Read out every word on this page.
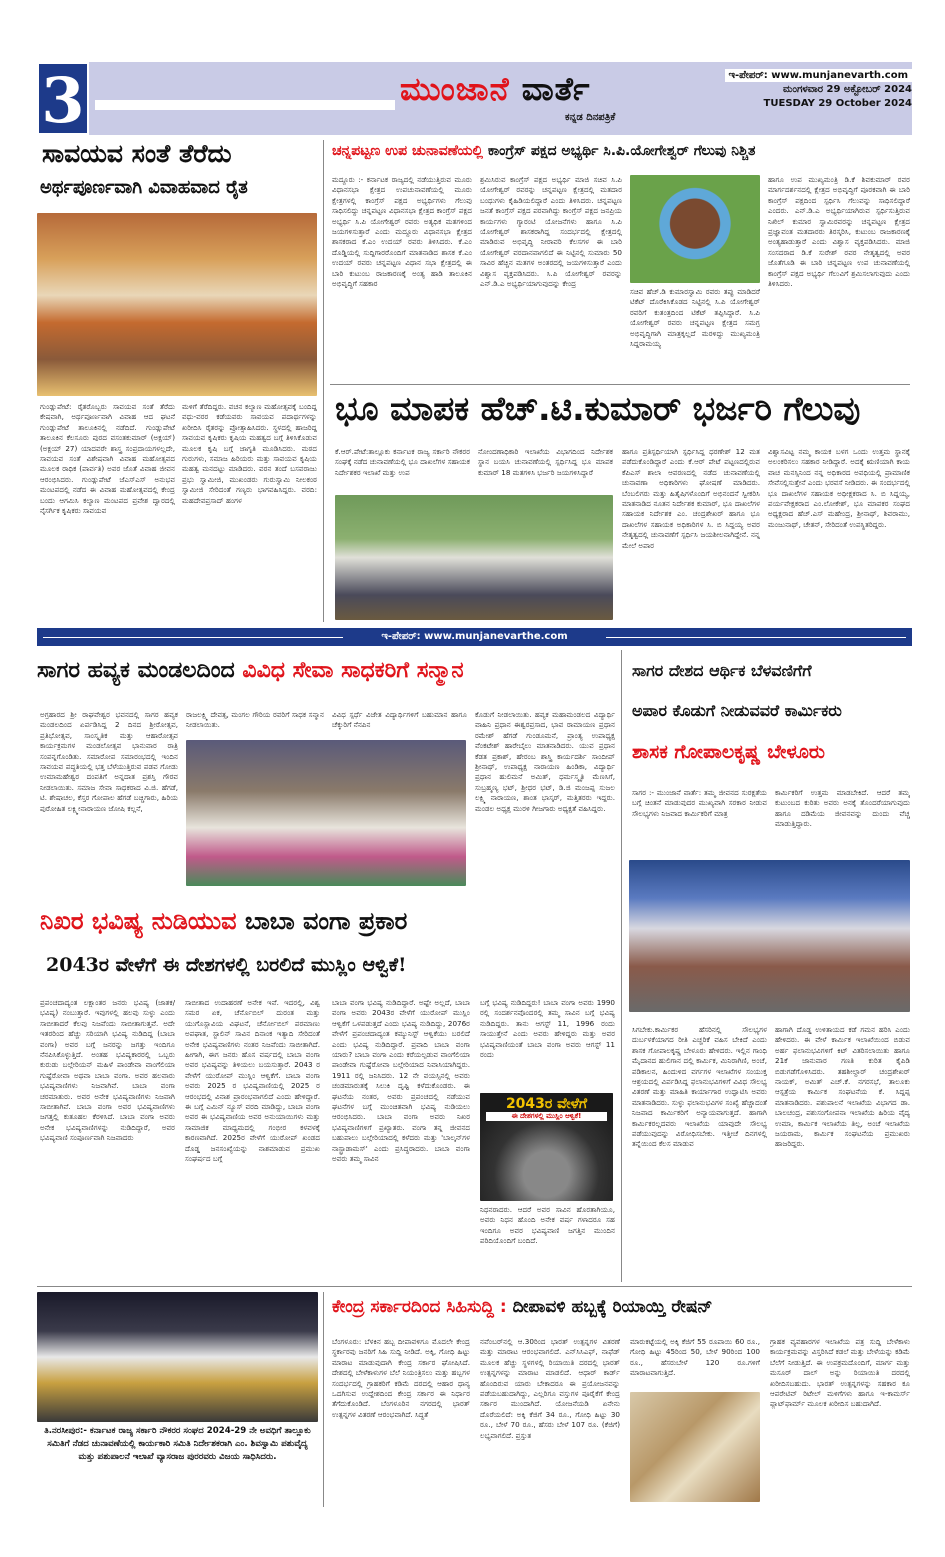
3	ಮುಂಜಾನೆ ವಾರ್ತೆ
ಕನ್ನಡ ದಿನಪತ್ರಿಕೆ
ಇ-ಪೇಪರ್: www.munjanevarth.com
ಮಂಗಳವಾರ 29 ಅಕ್ಟೋಬರ್ 2024
TUESDAY 29 October 2024
ಸಾವಯವ ಸಂತೆ ತೆರೆದು
ಅರ್ಥಪೂರ್ಣವಾಗಿ ವಿವಾಹವಾದ ರೈತ
ಗುಂಡ್ಲುಪೇಟೆ: ರೈತರೊಬ್ಬರು ಸಾವಯವ ಸಂತೆ ತೆರೆದು ಕೇಷವಾಗಿ, ಅರ್ಥಪೂರ್ಣವಾಗಿ ವಿವಾಹ ಆದ ಘಟನೆ ಗುಂಡ್ಲುಪೇಟೆ ತಾಲೂಕಿನಲ್ಲಿ ನಡೆದಿದೆ. ಗುಂಡ್ಲುಪೇಟೆ ತಾಲೂಕಿನ ಕೆಲಸೂರು ಪುರದ ವಸಂತಕುಮಾರ್ (ಅಕ್ಷಯ್) (ಅಕ್ಷಯ್ 27) ಯಾದವರೇ ಶಾಸ್ತ್ರ ಸಂಪ್ರದಾಯಗಳಲ್ಲದೇ, ಸಾವಯವ ಸಂತೆ ವಿಶೇಷವಾಗಿ ವಿವಾಹ ಮಹೋತ್ಸವದ ಮೂಲಕ ರಾಧಿಕ (ಪಾರ್ವತಿ) ಅವರ ಜೊತೆ ವಿವಾಹ ಜೀವನ ಆರಂಭಿಸಿದರು. ಗುಂಡ್ಲುಪೇಟೆ ಜೆಎಸ್‌ಎಸ್ ಅನುಭವ ಮಂಟಪದಲ್ಲಿ ನಡೆದ ಈ ವಿವಾಹ ಮಹೋತ್ಸವದಲ್ಲಿ ಕೇಂದ್ರ ಬಂದು ಆಗಮಿಸಿ ಕಲ್ಯಾಣ ಮಂಟಪದ ಪ್ರವೇಶ ದ್ವಾರದಲ್ಲಿ ನೈಸರ್ಗಿಕ ಕೃಷಿಕರು ಸಾವಯವ
ಮಳಿಗೆ ತೆರೆದಿದ್ದರು. ವಚನ ಕಲ್ಯಾಣ ಮಹೋತ್ಸವಕ್ಕೆ ಬಂದಿದ್ದ ವಧು-ವರರ ಕಡೆಯವರು ಸಾವಯವ ಪದಾರ್ಥಗಳನ್ನು ಖರೀದಿಸಿ ರೈತರನ್ನು ಪ್ರೋತ್ಸಾಹಿಸಿದರು. ಸ್ಥಳದಲ್ಲಿ ಹಾಜರಿದ್ದ ಸಾವಯವ ಕೃಷಿಕರು ಕೃಷಿಯ ಮಹತ್ವದ ಬಗ್ಗೆ ತಿಳಿಸಿಕೊಡುವ ಮೂಲಕ ಕೃಷಿ ಬಗ್ಗೆ ಜಾಗೃತಿ ಮೂಡಿಸಿದರು. ಮಠದ ಗುರುಗಳು, ಸಮಾಜ ಹಿರಿಯರು ಮತ್ತು ಸಾವಯವ ಕೃಷಿಯ ಮಹತ್ವ ಮನದಟ್ಟು ಮಾಡಿದರು. ವರನ ತಂದೆ ಬಸವರಾಜು ಪ್ರಭು ಸ್ವಾಮೀಜಿ, ಮುಖಂಡರು ಗುರುಸ್ವಾಮಿ ನೀಲಕಂಠ ಸ್ವಾಮೀಜಿ ಸೇರಿದಂತೆ ಗಣ್ಯರು ಭಾಗವಹಿಸಿದ್ದರು. ವರದಿ: ಮಹದೇವಪ್ರಸಾದ್ ಹಂಗಳ
ಚನ್ನಪಟ್ಟಣ ಉಪ ಚುನಾವಣೆಯಲ್ಲಿ ಕಾಂಗ್ರೆಸ್ ಪಕ್ಷದ ಅಭ್ಯರ್ಥಿ ಸಿ.ಪಿ.ಯೋಗೇಶ್ವರ್ ಗೆಲುವು ನಿಶ್ಚಿತ
ಮದ್ದೂರು :- ಕರ್ನಾಟಕ ರಾಜ್ಯದಲ್ಲಿ ನಡೆಯುತ್ತಿರುವ ಮೂರು ವಿಧಾನಸಭಾ ಕ್ಷೇತ್ರದ ಉಪಚುನಾವಣೆಯಲ್ಲಿ ಮೂರು ಕ್ಷೇತ್ರಗಳಲ್ಲಿ ಕಾಂಗ್ರೆಸ್ ಪಕ್ಷದ ಅಭ್ಯರ್ಥಿಗಳು ಗೆಲುವು ಸಾಧಿಸಲಿದ್ದು ಚನ್ನಪಟ್ಟಣ ವಿಧಾನಸಭಾ ಕ್ಷೇತ್ರದ ಕಾಂಗ್ರೆಸ್ ಪಕ್ಷದ ಅಭ್ಯರ್ಥಿ ಸಿ.ಪಿ ಯೋಗೇಶ್ವರ್ ರವರು ಅತ್ಯಧಿಕ ಮತಗಳಿಂದ ಜಯಗಳಿಸುತ್ತಾರೆ ಎಂದು ಮದ್ದೂರು ವಿಧಾನಸಭಾ ಕ್ಷೇತ್ರದ ಶಾಸಕರಾದ ಕೆ.ಎಂ ಉದಯ್ ರವರು ತಿಳಿಸಿದರು. ಕೆ.ಎಂ ದೊಡ್ಡಿಯಲ್ಲಿ ಸುದ್ದಿಗಾರರೊಂದಿಗೆ ಮಾತನಾಡಿದ ಶಾಸಕ ಕೆ.ಎಂ ಉದಯ್ ರವರು ಚನ್ನಪಟ್ಟಣ ವಿಧಾನ ಸಭಾ ಕ್ಷೇತ್ರದಲ್ಲಿ ಈ ಬಾರಿ ಕುಟುಂಬ ರಾಜಕಾರಣಕ್ಕೆ ಅಂತ್ಯ ಹಾಡಿ ತಾಲೂಕಿನ ಅಭಿವೃದ್ಧಿಗೆ ಸಹಕಾರ
ಶ್ರಮಿಸಿರುವ ಕಾಂಗ್ರೆಸ್ ಪಕ್ಷದ ಅಭ್ಯರ್ಥಿ ಮಾಜಿ ಸಚಿವ ಸಿ.ಪಿ ಯೋಗೇಶ್ವರ್ ರವರನ್ನು ಚನ್ನಪಟ್ಟಣ ಕ್ಷೇತ್ರದಲ್ಲಿ ಮತದಾರ ಬಂಧುಗಳು ಕೈಹಿಡಿಯಲಿದ್ದಾರೆ ಎಂದು ತಿಳಿಸಿದರು. ಚನ್ನಪಟ್ಟಣ ಜನತೆ ಕಾಂಗ್ರೆಸ್ ಪಕ್ಷದ ಪರವಾಗಿದ್ದು ಕಾಂಗ್ರೆಸ್ ಪಕ್ಷದ ಜನಪ್ರಿಯ ಕಾರ್ಯಗಳು ಗ್ಯಾರಂಟಿ ಯೋಜನೆಗಳು ಹಾಗೂ ಸಿ.ಪಿ ಯೋಗೇಶ್ವರ್ ಶಾಸಕರಾಗಿದ್ದ ಸಂದರ್ಭದಲ್ಲಿ ಕ್ಷೇತ್ರದಲ್ಲಿ ಮಾಡಿರುವ ಅಭಿವೃದ್ಧಿ ನೀರಾವರಿ ಕೆಲಸಗಳ ಈ ಬಾರಿ ಯೋಗೇಶ್ವರ್ ವರದಾನವಾಗಲಿದೆ ಈ ನಿಟ್ಟಿನಲ್ಲಿ ಸುಮಾರು 50 ಸಾವಿರ ಹೆಚ್ಚಿನ ಮತಗಳ ಅಂತರದಲ್ಲಿ ಜಯಗಳಿಸುತ್ತಾರೆ ಎಂದು ವಿಶ್ವಾಸ ವ್ಯಕ್ತಪಡಿಸಿದರು. ಸಿ.ಪಿ ಯೋಗೇಶ್ವರ್ ರವರನ್ನು ಎನ್.ಡಿ.ಎ ಅಭ್ಯರ್ಥಿಯಾಗುವುದನ್ನು ಕೇಂದ್ರ
ಸಚಿವ ಹೆಚ್.ಡಿ ಕುಮಾರಸ್ವಾಮಿ ರವರು ತಪ್ಪು ಮಾಡಿದರೆ ಟಿಕೆಟ್ ದೊರೆಕಿಸಿಕೊಡದ ನಿಟ್ಟಿನಲ್ಲಿ ಸಿ.ಪಿ ಯೋಗೇಶ್ವರ್ ರವರಿಗೆ ಕುತಂತ್ರದಿಂದ ಟಿಕೆಟ್ ತಪ್ಪಿಸಿದ್ದಾರೆ. ಸಿ.ಪಿ ಯೋಗೇಶ್ವರ್ ರವರು ಚನ್ನಪಟ್ಟಣ ಕ್ಷೇತ್ರದ ಸಮಗ್ರ ಅಭಿವೃದ್ಧಿಗಾಗಿ ಮಾತ್ರಕ್ಕಲ್ಲದೆ ಮರಳಿದ್ದು ಮುಖ್ಯಮಂತ್ರಿ ಸಿದ್ದರಾಮಯ್ಯ
ಹಾಗೂ ಉಪ ಮುಖ್ಯಮಂತ್ರಿ ಡಿ.ಕೆ ಶಿವಕುಮಾರ್ ರವರ ಮಾರ್ಗದರ್ಶನದಲ್ಲಿ ಕ್ಷೇತ್ರದ ಅಭಿವೃದ್ಧಿಗೆ ಪೂರಕವಾಗಿ ಈ ಬಾರಿ ಕಾಂಗ್ರೆಸ್ ಪಕ್ಷದಿಂದ ಸ್ಪರ್ಧಿಸಿ ಗೆಲುವನ್ನು ಸಾಧಿಸಲಿದ್ದಾರೆ ಎಂದರು. ಎನ್.ಡಿ.ಎ ಅಭ್ಯರ್ಥಿಯಾಗಿರುವ ಸ್ಪರ್ಧಿಸುತ್ತಿರುವ ನಿಖಿಲ್ ಕುಮಾರ ಸ್ವಾಮಿರವರನ್ನು ಚನ್ನಪಟ್ಟಣ ಕ್ಷೇತ್ರದ ಪ್ರಜ್ಞಾವಂತ ಮತದಾರರು ತಿರಸ್ಕರಿಸಿ, ಕುಟುಂಬ ರಾಜಕಾರಣಕ್ಕೆ ಅಂತ್ಯಹಾಡುತ್ತಾರೆ ಎಂದು ವಿಶ್ವಾಸ ವ್ಯಕ್ತಪಡಿಸಿದರು. ಮಾಜಿ ಸಂಸದರಾದ ಡಿ.ಕೆ ಸುರೇಶ್ ರವರ ನೇತೃತ್ವದಲ್ಲಿ ಅವರ ಜೊತೆಗೂಡಿ ಈ ಬಾರಿ ಚನ್ನಪಟ್ಟಣ ಉಪ ಚುನಾವಣೆಯಲ್ಲಿ ಕಾಂಗ್ರೆಸ್ ಪಕ್ಷದ ಅಭ್ಯರ್ಥಿ ಗೆಲುವಿಗೆ ಶ್ರಮಿಸಲಾಗುವುದು ಎಂದು ತಿಳಿಸಿದರು.
ಭೂ ಮಾಪಕ ಹೆಚ್.ಟಿ.ಕುಮಾರ್ ಭರ್ಜರಿ ಗೆಲುವು
ಕೆ.ಆರ್.ಪೇಟೆ:ತಾಲ್ಲೂಕು ಕರ್ನಾಟಕ ರಾಜ್ಯ ಸರ್ಕಾರಿ ನೌಕರರ ಸಂಘಕ್ಕೆ ನಡೆದ ಚುನಾವಣೆಯಲ್ಲಿ ಭೂ ದಾಖಲೆಗಳ ಸಹಾಯಕ ನಿರ್ದೇಶಕರ ಇಲಾಖೆ ಮತ್ತು ಉಪ
ನೋಂದಣಾಧಿಕಾರಿ ಇಲಾಖೆಯ ವಿಭಾಗದಿಂದ ನಿರ್ದೇಶಕ ಸ್ಥಾನ ಬಯಸಿ ಚುನಾವಣೆಯಲ್ಲಿ ಸ್ಪರ್ಧಿಸಿದ್ದ ಭೂ ಮಾಪಕ ಕುಮಾರ್ 18 ಮತಗಳಿಸಿ ಭರ್ಜರಿ ಜಯಗಳಿಸಿದ್ದಾರೆ
ಹಾಗೂ ಪ್ರತಿಸ್ಪರ್ಧಿಯಾಗಿ ಸ್ಪರ್ಧಿಸಿದ್ದ ಧರಣೇಶ್ 12 ಮತ ಪಡೆದುಕೊಂಡಿದ್ದಾರೆ ಎಂದು ಕೆ.ಆರ್ ಪೇಟೆ ಪಟ್ಟಣದಲ್ಲಿರುವ ಕೆಪಿಎಸ್ ಶಾಲಾ ಆವರಣದಲ್ಲಿ ನಡೆದ ಚುನಾವಣೆಯಲ್ಲಿ ಚುನಾವಣಾ ಅಧಿಕಾರಿಗಳು ಘೋಷಣೆ ಮಾಡಿದರು. ಬೆಂಬಲಿಗರು ಮತ್ತು ಹಿತೈಷಿಗಳೊಂದಿಗೆ ಅಭಿನಂದನೆ ಸ್ವೀಕರಿಸಿ ಮಾತನಾಡಿದ ನೂತನ ನಿರ್ದೇಶಕ ಕುಮಾರ್, ಭೂ ದಾಖಲೆಗಳ ಸಹಾಯಕ ನಿರ್ದೇಶಕ ಎಂ. ಚಂದ್ರಶೇಖರ್ ಹಾಗೂ ಭೂ ದಾಖಲೆಗಳ ಸಹಾಯಕ ಅಧಿಕಾರಿಗಳ ಸಿ. ಬಿ ಸಿದ್ದಯ್ಯ ಅವರ ನೇತೃತ್ವದಲ್ಲಿ ಚುನಾವಣೆಗೆ ಸ್ಪರ್ಧಿಸಿ ಜಯಶೀಲನಾಗಿದ್ದೇನೆ. ನನ್ನ ಮೇಲೆ ಅಪಾರ
ವಿಶ್ವಾಸವಿಟ್ಟ ನಮ್ಮ ಕಾಯಕ ಬಳಗ ಒಂದು ಉತ್ತಮ ಸ್ಥಾನಕ್ಕೆ ಅಲಂಕರಿಸಲು ಸಹಕಾರ ನೀಡಿದ್ದಾರೆ. ಅದಕ್ಕೆ ಋಣಿಯಾಗಿ ಕಾಯ ವಾಚ ಮನಸ್ಸಿನಿಂದ ನನ್ನ ಅಧಿಕಾರದ ಅವಧಿಯಲ್ಲಿ ಪ್ರಾಮಾಣಿಕ ಸೇವೆಸಲ್ಲಿಸುತ್ತೇನೆ ಎಂದು ಭರವಸೆ ನೀಡಿದರು. ಈ ಸಂದರ್ಭದಲ್ಲಿ ಭೂ ದಾಖಲೆಗಳ ಸಹಾಯಕ ಅಧೀಕ್ಷಕರಾದ ಸಿ. ಬಿ ಸಿದ್ದಯ್ಯ, ಪರ್ಯವೇಕ್ಷಕರಾದ ಎಂ.ಲೋಕೇಶ್, ಭೂ ಮಾಪಕರ ಸಂಘದ ಅಧ್ಯಕ್ಷರಾದ ಹೆಚ್.ಎಸ್ ಮಹೇಂದ್ರ, ಶ್ರೀನಾಥ್, ಶಿವರಾಮು, ಮಂಜುನಾಥ್, ಚೇತನ್, ಸೇರಿದಂತೆ ಉಪಸ್ಥಿತರಿದ್ದರು.
ಇ-ಪೇಪರ್: www.munjanevarthe.com
ಸಾಗರ ಹವ್ಯಕ ಮಂಡಲದಿಂದ ವಿವಿಧ ಸೇವಾ ಸಾಧಕರಿಗೆ ಸನ್ಮಾನ
ಅಗ್ರಹಾರದ ಶ್ರೀ ರಾಘವೇಶ್ವರ ಭವನದಲ್ಲಿ ಸಾಗರ ಹವ್ಯಕ ಮಂಡಲದಿಂದ ಏರ್ಪಡಿಸಿದ್ದ 2 ದಿನದ ಶ್ರೀರೋತ್ಸವ, ಪ್ರತಿಭೋತ್ಸವ, ಸಾಂಸ್ಕೃತಿಕ ಮತ್ತು ಆಹಾರೋತ್ಸವ ಕಾರ್ಯಕ್ರಮಗಳ ಮಂಡಲೋತ್ಸವ ಭಾನುವಾರ ರಾತ್ರಿ ಸಂಪನ್ನಗೊಂಡಿತು. ಸಮಾರೋಪ ಸಮಾರಂಭದಲ್ಲಿ ಇಂದಿನ ಸಾವಯವ ಪದ್ಧತಿಯಲ್ಲಿ ಭತ್ತ ಬೆಳೆಯುತ್ತಿರುವ ಪಡವ ಗೋಡು ಉಮಾಮಹೇಶ್ವರ ದಂಪತಿಗೆ ಅನ್ನದಾತ ಪ್ರಶಸ್ತಿ ಗೌರವ ನೀಡಲಾಯಿತು. ಸಮಾಜ ಸೇವಾ ಸಾಧಕರಾದ ವಿ.ಜಿ. ಹೆಗಡೆ, ಟಿ. ಶೇಷಾಚಲ, ಕೆಸ್ತರ ಗೋಪಾಲ ಹೆಗಡೆ ಬಚ್ಚಿಗಾರು, ಹಿರಿಯ ಪುರೋಹಿತ ಲಕ್ಷ್ಮೀನಾರಾಯಣ ಜೋಷಿ ಕಲ್ಲನೆ,
ರಾಜಲಕ್ಷ್ಮಿ ದೇವತ್ಸ, ಮಂಗಲ ಗೌರಿಯ ರವರಿಗೆ ಸಾಧಕ ಸನ್ಮಾನ ನೀಡಲಾಯಿತು.
ವಿವಿಧ ಸ್ಪರ್ಧೆ ವಿಜೇತ ವಿದ್ಯಾರ್ಥಿಗಳಿಗೆ ಬಹುಮಾನ ಹಾಗೂ ಚೆಕ್ಕುರಿಗೆ ನೆನಪಿನ
ಕೊಡುಗೆ ನೀಡಲಾಯಿತು. ಹವ್ಯಕ ಮಹಾಮಂಡಲದ ವಿದ್ಯಾರ್ಥಿ ವಾಹಿನಿ ಪ್ರಧಾನ ಈಶ್ವರಪ್ರಸಾದ, ಭಾವ ರಾಮಾಯಣ ಪ್ರಧಾನ ರಮೇಶ್ ಹೆಗಡೆ ಗುಂಡೂಮನೆ, ಪ್ರಾಂತ್ಯ ಉಪಾಧ್ಯಕ್ಷ ವೆಂಕಟೇಶ್ ಹಾರೇಬೈಲು ಮಾತನಾಡಿದರು. ಯುವ ಪ್ರಧಾನ ಕೆಡತ ಪ್ರಕಾಶ್, ಹೇರಂಬ ಶಾಸ್ತ್ರಿ ಕಾರ್ಯದರ್ಶಿ ಸಾಂದೀಪ್ ಶ್ರೀನಾಥ್, ಉಪಾಧ್ಯಕ್ಷ ನಾರಾಯಣ ಹಿಂಡಿಕಾ, ವಿದ್ಯಾರ್ಥಿ ಪ್ರಧಾನ ಹುಲಿಮನೆ ಅಮಿತ್, ಧರ್ಮಸ್ಮೃತಿ ಮೆಣಸಿಗೆ, ಸುಬ್ರಹ್ಮಣ್ಯ ಭಟ್, ಶ್ರೀಧರ ಭಟ್, ಡಿ.ಜಿ ಮಂಜಪ್ಪ ಸುಜಲ ಲಕ್ಷ್ಮಿ ನಾರಾಯಣ, ಶಾಂತ ಭಾಸ್ಕರ್, ಮತ್ತಿತರರು ಇದ್ದರು. ಮಂಡಲ ಅಧ್ಯಕ್ಷ ಮುರಳಿ ಗೀಜಗಾರು ಅಧ್ಯಕ್ಷತೆ ವಹಿಸಿದ್ದರು.
ಸಾಗರ ದೇಶದ ಆರ್ಥಿಕ ಬೆಳವಣಿಗೆಗೆ
ಅಪಾರ ಕೊಡುಗೆ ನೀಡುವವರೆ ಕಾರ್ಮಿಕರು
ಶಾಸಕ ಗೋಪಾಲಕೃಷ್ಣ ಬೇಳೂರು
ಸಾಗರ :- ಮುಂಜಾನೆ ವಾರ್ತೆ: ತಮ್ಮ ಜೀವನದ ಸುರಕ್ಷತೆಯ ಬಗ್ಗೆ ಚಿಂತನೆ ಮಾಡುವುದರ ಮುಖ್ಯವಾಗಿ ಸರಕಾರ ನೀಡುವ ಸೌಲಭ್ಯಗಳು ನಿಜವಾದ ಕಾರ್ಮಿಕರಿಗೆ ಮಾತ್ರ
ಕಾರ್ಮಿಕರಿಗೆ ಉತ್ತಮ ಮಾಡಬೇಕಿದೆ. ಆದರೆ ತಮ್ಮ ಕುಟುಂಬದ ಕುರಿತು ಅವರು ಅನಕ್ಕೆ ತೊಂದರೆಯಾಗುವುದು ಹಾಗೂ ದಡಿಮೆಯ ಜೀವನವನ್ನು ದುಂದು ವೆಚ್ಚ ಮಾಡುತ್ತಿದ್ದಾರು.
ಸಿಗಬೇಕು.ಕಾರ್ಮಿಕರ ಹೆಸರಿನಲ್ಲಿ ಸೌಲಭ್ಯಗಳ ದುರ್ಬಳಕೆಯಾಗದ ರೀತಿ ಎಚ್ಚರಿಕೆ ವಹಿಸ ಬೇಕಿದೆ ಎಂದು ಶಾಸಕ ಗೋಪಾಲಕೃಷ್ಣ ಬೇಳೂರು ಹೇಳಿದರು. ಇಲ್ಲಿನ ಗಾಂಧಿ ಮೈದಾನದ ಹುಲಿಗಾನ ದಲ್ಲಿ ಕಾರ್ಮಿಕ, ಮಿನಿರಾಗಿಣಿ, ಅಂಚೆ, ಪಡಿಕಾಲನ, ಹಿಂದುಳಿದ ವರ್ಗಗಳ ಇಲಾಖೆಗಳ ಸಂಯುಕ್ತ ಆಶ್ರಯದಲ್ಲಿ ವಿರ್ಪಡಿಸಿದ್ದ ಫಲಾನುಭವಿಗಳಿಗೆ ವಿವಿಧ ಸೌಲಭ್ಯ ವಿತರಣೆ ಮತ್ತು ಮಾಹಿತಿ ಕಾರ್ಯಾಗಾರ ಉದ್ಘಾಟಿಸಿ ಅವರು ಮಾತನಾಡಿದರು. ಸುಳ್ಳು ಫಲಾನುಭವಿಗಳ ಸಂಖ್ಯೆ ಹೆಚ್ಚಾದಂತೆ ನಿಜವಾದ ಕಾರ್ಮಿಕರಿಗೆ ಅನ್ಯಾಯವಾಗುತ್ತದೆ. ಹಾಗಾಗಿ ಕಾರ್ಮಿಕರಲ್ಲದವರು ಇಲಾಖೆಯ ಯಾವುದೇ ಸೌಲಭ್ಯ ಪಡೆಯುವುದನ್ನು ವಿರೋಧಿಸಬೇಕು. ಇತ್ತೀಚೆ ದಿನಗಳಲ್ಲಿ ತನ್ನೆಯಿಂದ ಕೆಲಸ ಮಾಡುವ
ಹಾಗಾಗಿ ದೊಡ್ಡ ಉಳಿತಾಯದ ಕಡೆ ಗಮನ ಹರಿಸಿ ಎಂದು ಹೇಳಿದರು. ಈ ವೇಳೆ ಕಾರ್ಮಿಕ ಇಲಾಖೆಯಿಂದ ಬಿಡುವ ಅರ್ಹ ಫಲಾನುಭವಿಗಳಿಗೆ ಕಿಟ್ ವಿತರಿಸಲಾಯಿತು ಹಾಗೂ 21ಕೆ ಜಾನುವಾರ ಗಣತಿ ಕುರಿತ ಕೈಪಿಡಿ ಬಿಡುಗಡೆಗೊಳಿಸಿದರು. ತಹಶೀಲ್ದಾರ್ ಚಂದ್ರಶೇಖರ್ ನಾಯಕ್, ಅಮಿತ್ ಎಚ್.ಕೆ. ನಗರಸಭೆ, ತಾಲೂಕು ಆಸ್ಪತ್ರೆಯ ಕಾರ್ಮಿಕ ಸಂಘಟನೆಯ ಕೆ. ಸಿದ್ದಪ್ಪ ಮಾತನಾಡಿದರು. ಪಶುಪಾಲನೆ ಇಲಾಖೆಯ ವಿಭಾಗದ ಡಾ. ಬಾಲಚಂದ್ರ, ಪಶುಸಂಗೋಪನಾ ಇಲಾಖೆಯ ಹಿರಿಯ ವೈದ್ಯ ಉಮಾ, ಕಾರ್ಮಿಕ ಇಲಾಖೆಯ ತಿಲ್ಲ, ಅಂಚೆ ಇಲಾಖೆಯ ಜಯರಾಮ, ಕಾರ್ಮಿಕ ಸಂಘಟನೆಯ ಪ್ರಮುಖರು ಹಾಜರಿದ್ದರು.
ನಿಖರ ಭವಿಷ್ಯ ನುಡಿಯುವ ಬಾಬಾ ವಂಗಾ ಪ್ರಕಾರ
2043ರ ವೇಳೆಗೆ ಈ ದೇಶಗಳಲ್ಲಿ ಬರಲಿದೆ ಮುಸ್ಲಿಂ ಆಳ್ವಿಕೆ!
ಪ್ರಪಂಚದಾದ್ಯಂತ ಲಕ್ಷಾಂತರ ಜನರು ಭವಿಷ್ಯ (ಜಾತಕ/ಭವಿಷ್ಯ) ನಂಬುತ್ತಾರೆ. ಇವುಗಳಲ್ಲಿ ಹಲವು ಸುಳ್ಳು ಎಂದು ಸಾಬೀತಾದರೆ ಕೆಲವು ನಿಜವೆಂದು ಸಾಬೀತಾಗುತ್ತವೆ. ಅದೇ ಇತರರಿಂದ ಹೆಚ್ಚು ಸರಿಯಾಗಿ ಭವಿಷ್ಯ ನುಡಿದಿದ್ದ (ಬಾಬಾ ವಂಗಾ) ಅವರ ಬಗ್ಗೆ ಜನರನ್ನು ಜಗತ್ತು ಇಂದಿಗೂ ನೆನಪಿಸಿಕೊಳ್ಳುತ್ತಿದೆ. ಅಂತಹ ಭವಿಷ್ಯಕಾರರಲ್ಲಿ ಒಬ್ಬರು ಕುರುಡು ಬಲ್ಗೇರಿಯನ್ ಮಹಿಳೆ ಪಾಂಡೇವಾ ವಾಂಗೆಲಿಯಾ ಗುಷ್ಟೆರೋವಾ ಅಥವಾ ಬಾಬಾ ವಂಗಾ. ಅವರ ಹಲವಾರು ಭವಿಷ್ಯವಾಣಿಗಳು ನಿಜವಾಗಿವೆ. ಬಾಬಾ ವಂಗಾ ಚರಮಾತುರು. ಅವರ ಅನೇಕ ಭವಿಷ್ಯವಾಣಿಗಳು ನಿಜವಾಗಿ ಸಾಬೀತಾಗಿವೆ. ಬಾಬಾ ವಂಗಾ ಅವರ ಭವಿಷ್ಯವಾಣಿಗಳು ಜಗತ್ತಲ್ಲಿ ಕುತೂಹಲ ಕೆರಳಿಸಿದೆ. ಬಾಬಾ ವಂಗಾ ಅವರು ಅನೇಕ ಭವಿಷ್ಯವಾಣಿಗಳನ್ನು ನುಡಿದಿದ್ದಾರೆ, ಅವರ ಭವಿಷ್ಯವಾಣಿ ಸಂಪೂರ್ಣವಾಗಿ ನಿಜವಾದರು
ಸಾಬೀತಾದ ಉದಾಹರಣೆ ಅನೇಕ ಇವೆ. ಇದರಲ್ಲಿ, ವಿಶ್ವ ಸಮರ ಏಕ, ಚೆರ್ನೊಬಿಲ್ ದುರಂತ ಮತ್ತು ಯುಗೊಸ್ಲಾವಿಯ ವಿಘಟನೆ, ಚೆರ್ನೋಬಿಲ್ ಪರಮಾಣು ಅಪಘಾತ, ಸ್ಟಾಲಿನ್ ಸಾವಿನ ದಿನಾಂಕ ಇತ್ಯಾದಿ ಸೇರಿದಂತೆ ಅನೇಕ ಭವಿಷ್ಯವಾಣಿಗಳು ನಂತರ ನಿಜವೆಂದು ಸಾಬೀತಾಗಿದೆ. ಹೀಗಾಗಿ, ಈಗ ಜನರು ಹೊಸ ವರ್ಷದಲ್ಲಿ ಬಾಬಾ ವಂಗಾ ಅವರ ಭವಿಷ್ಯವನ್ನು ತಿಳಿಯಲು ಬಯಸುತ್ತಾರೆ. 2043 ರ ವೇಳೆಗೆ ಯುರೋಪ್ ಮುಸ್ಲಿಂ ಆಳ್ವಿಕೆಗೆ. ಬಾಬಾ ವಂಗಾ ಅವರು 2025 ರ ಭವಿಷ್ಯವಾಣಿಯಲ್ಲಿ 2025 ರ ಆರಂಭದಲ್ಲಿ ವಿನಾಶ ಪ್ರಾರಂಭವಾಗಲಿದೆ ಎಂದು ಹೇಳಿದ್ದಾರೆ. ಈ ಬಗ್ಗೆ ಎಮಿನ್ ನ್ಯೂಸ್ ವರದಿ ಮಾಡಿದ್ದು, ಬಾಬಾ ವಂಗಾ ಅವರ ಈ ಭವಿಷ್ಯವಾಣಿಯ ಅವರ ಅನುಯಾಯಿಗಳು ಮತ್ತು ಸಾಮಾಜಿಕ ಮಾಧ್ಯಮದಲ್ಲಿ ಗಂಭೀರ ಕಳವಳಕ್ಕೆ ಕಾರಣವಾಗಿದೆ. 2025ರ ವೇಳೆಗೆ ಯುರೋಪ್ ಖಂಡದ ದೊಡ್ಡ ಜನಸಂಖ್ಯೆಯನ್ನು ನಾಶಮಾಡುವ ಪ್ರಮುಖ ಸಂಘರ್ಷದ ಬಗ್ಗೆ
ಬಾಬಾ ವಂಗಾ ಭವಿಷ್ಯ ನುಡಿದಿದ್ದಾರೆ. ಅಷ್ಟೇ ಅಲ್ಲದೆ, ಬಾಬಾ ವಂಗಾ ಅವರು 2043ರ ವೇಳೆಗೆ ಯುರೋಪ್ ಮುಸ್ಲಿಂ ಆಳ್ವಿಕೆಗೆ ಒಳಪಡುತ್ತದೆ ಎಂದು ಭವಿಷ್ಯ ನುಡಿದಿದ್ದು, 2076ರ ವೇಳೆಗೆ ಪ್ರಪಂಚದಾದ್ಯಂತ ಕಮ್ಯುನಿಸ್ಟ್ ಆಳ್ವಿಕೆಯು ಬರಲಿದೆ ಎಂದು ಭವಿಷ್ಯ ನುಡಿದಿದ್ದಾರೆ. ಪ್ರವಾದಿ ಬಾಬಾ ವಂಗಾ ಯಾರು? ಬಾಬಾ ವಂಗಾ ಎಂದು ಕರೆಯಲ್ಪಡುವ ವಾಂಗೆಲಿಯಾ ಪಾಂಡೇವಾ ಗುಷ್ಟೆರೋವಾ ಬಲ್ಗೇರಿಯಾದ ನಿವಾಸಿಯಾಗಿದ್ದರು. 1911 ರಲ್ಲಿ ಜನಿಸಿದರು. 12 ನೇ ವಯಸ್ಸಿನಲ್ಲಿ ಅವರು ಚಂಡಮಾರುತಕ್ಕೆ ಸಿಲುಕಿ ದೃಷ್ಟಿ ಕಳೆದುಕೊಂಡರು. ಈ ಘಟನೆಯ ನಂತರ, ಅವರು ಪ್ರಪಂಚದಲ್ಲಿ ನಡೆಯುವ ಘಟನೆಗಳ ಬಗ್ಗೆ ಮುಂಚಿತವಾಗಿ ಭವಿಷ್ಯ ನುಡಿಯಲು ಆರಂಭಿಸಿದರು. ಬಾಬಾ ವಂಗಾ ಅವರು ನಿಖರ ಭವಿಷ್ಯವಾಣಿಗಳಿಗೆ ಪ್ರಖ್ಯಾತರು. ವಂಗಾ ತನ್ನ ಜೀವನದ ಬಹುಪಾಲು ಬಲ್ಗೇರಿಯಾದಲ್ಲಿ ಕಳೆದರು ಮತ್ತು 'ಬಾಲ್ಕನ್‌ಗಳ ನಾಸ್ಟ್ರಾಡಾಮಸ್' ಎಂದು ಪ್ರಸಿದ್ಧರಾದರು. ಬಾಬಾ ವಂಗಾ ಅವರು ತಮ್ಮ ಸಾವಿನ
ಬಗ್ಗೆ ಭವಿಷ್ಯ ನುಡಿದಿದ್ದರು! ಬಾಬಾ ವಂಗಾ ಅವರು 1990 ರಲ್ಲಿ ಸಂದರ್ಶನವೊಂದರಲ್ಲಿ ತಮ್ಮ ಸಾವಿನ ಬಗ್ಗೆ ಭವಿಷ್ಯ ನುಡಿದಿದ್ದರು. ತಾನು ಆಗಸ್ಟ್ 11, 1996 ರಂದು ಸಾಯುತ್ತೇನೆ ಎಂದು ಅವರು ಹೇಳಿದ್ದರು ಮತ್ತು ಅವರ ಭವಿಷ್ಯವಾಣಿಯಂತೆ ಬಾಬಾ ವಂಗಾ ಅವರು ಆಗಸ್ಟ್ 11 ರಂದು
2043ರ ವೇಳೆಗೆ
ಈ ದೇಶಗಳಲ್ಲಿ ಮುಸ್ಲಿಂ ಆಳ್ವಿಕೆ!
ನಿಧನರಾದರು. ಆದರೆ ಅವರ ಸಾವಿನ ಹೊರತಾಗಿಯೂ, ಅವರು ನಿಧನ ಹೊಂದಿ ಅನೇಕ ವರ್ಷ ಗಳಾದರೂ ಸಹ ಇಂದಿಗೂ ಅವರ ಭವಿಷ್ಯವಾಣಿ ಜಗತ್ತಿನ ಮುಂದಿನ ಪರಿದಿಯೊಂದಿಗೆ ಬಂದಿದೆ.
ತಿ.ನರಸೀಪುರ:- ಕರ್ನಾಟಕ ರಾಜ್ಯ ಸರ್ಕಾರಿ ನೌಕರರ ಸಂಘದ 2024-29 ನೇ ಅವಧಿಗೆ ತಾಲ್ಲೂಕು ಸಮಿತಿಗೆ ನೆಡದ ಚುನಾವಣೆಯಲ್ಲಿ ಕಾರ್ಯಕಾರಿ ಸಮಿತಿ ನಿರ್ದೇಶಕರಾಗಿ ಎಂ. ಶಿವಸ್ವಾಮಿ ಪಶುವೈದ್ಯ ಮತ್ತು ಪಶುಪಾಲನೆ ಇಲಾಖೆ ವ್ಯಾಸರಾಜ ಪುರರವರು ವಿಜಯ ಸಾಧಿಸಿದರು.
ಕೇಂದ್ರ ಸರ್ಕಾರದಿಂದ ಸಿಹಿಸುದ್ದಿ : ದೀಪಾವಳಿ ಹಬ್ಬಕ್ಕೆ ರಿಯಾಯ್ತಿ ರೇಷನ್
ಬೆಂಗಳೂರು: ಬೆಳಕಿನ ಹಬ್ಬ ದೀಪಾವಳಿಗೂ ಮೊದಲೇ ಕೇಂದ್ರ ಸ್ಥರ್ಕಾರವು ಜನರಿಗೆ ಸಿಹಿ ಸುದ್ದಿ ನೀಡಿದೆ. ಅಕ್ಕಿ, ಗೋಧಿ ಹಿಟ್ಟು ಮಾರಾಟ ಮಾಡುವುದಾಗಿ ಕೇಂದ್ರ ಸರ್ಕಾರ ಘೋಷಿಸಿದೆ. ದೇಶದಲ್ಲಿ ಬೇಳೆಕಾಳುಗಳ ಬೆಲೆ ನಿಯಂತ್ರಿಸಲು ಮತ್ತು ಹಬ್ಬಗಳ ಸಂದರ್ಭದಲ್ಲಿ ಗ್ರಾಹಕರಿಗೆ ಕಡಿಮೆ ದರದಲ್ಲಿ ಆಹಾರ ಧಾನ್ಯ ಒದಗಿಸುವ ಉದ್ದೇಶದಿಂದ ಕೇಂದ್ರ ಸರ್ಕಾರ ಈ ನಿರ್ಧಾರ ತೆಗೆದುಕೊಂಡಿದೆ. ಬೆಂಗಳೂರಿನ ನಗರದಲ್ಲಿ ಭಾರತ್ ಉತ್ಪನ್ನಗಳ ವಿತರಣೆ ಆರಂಭವಾಗಿದೆ. ಸಿದ್ಧತೆ
ನವೆಂಬರ್‌ನಲ್ಲಿ ಆ.30ರಿಂದ ಭಾರತ್ ಉತ್ಪನ್ನಗಳ ವಿತರಣೆ ಮತ್ತು ಮಾರಾಟ ಆರಂಭವಾಗಲಿದೆ. ಎನ್‌ಸಿಸಿಎಫ್, ನಾಫೆಡ್ ಮೂಲಕ ಹೆಚ್ಚು ಸ್ಥಳಗಳಲ್ಲಿ ರಿಯಾಯಿತಿ ದರದಲ್ಲಿ ಭಾರತ್ ಉತ್ಪನ್ನಗಳನ್ನು ಮಾರಾಟ ಮಾಡಲಿದೆ. ಆಧಾರ್ ಕಾರ್ಡ್ ಹೊಂದಿರುವ ಯಾರು ಬೇಕಾದರೂ ಈ ಪ್ರಯೋಜನವನ್ನು ಪಡೆಯಬಹುದಾಗಿದ್ದು, ಎಲ್ಲರಿಗೂ ವಸ್ತುಗಳ ಪೂರೈಕೆಗೆ ಕೇಂದ್ರ ಸರ್ಕಾರ ಮುಂದಾಗಿದೆ. ಯೋಜನೆಯಡಿ ಏನೇನು ದೊರೆಯಲಿದೆ: ಅಕ್ಕಿ ಕೆಜಿಗೆ 34 ರೂ., ಗೋಧಿ ಹಿಟ್ಟು 30 ರೂ., ಬೇಳೆ 70 ರೂ., ಹೆಸರು ಬೇಳೆ 107 ರೂ. (ಕೆಜಿಗೆ) ಲಭ್ಯವಾಗಲಿದೆ. ಪ್ರಸ್ತುತ
ಮಾರುಕಟ್ಟೆಯಲ್ಲಿ ಅಕ್ಕಿ ಕೆಜಿಗೆ 55 ರೂಪಾಯಿ 60 ರೂ., ಗೋಧಿ ಹಿಟ್ಟು 45ರಿಂದ 50, ಬೇಳೆ 90ರಿಂದ 100 ರೂ., ಹೆಸರುಬೇಳೆ 120 ರೂ.ಗಳಿಗೆ ಮಾರಾಟವಾಗುತ್ತಿದೆ.
ಗ್ರಾಹಕ ವ್ಯವಹಾರಗಳ ಇಲಾಖೆಯ ಪತ್ರ ಸುದ್ದಿ ಬೇಳೆಕಾಳು ಕಾರ್ಯಕ್ರಮವನ್ನು ವಿಸ್ತರಿಸಿದೆ ಕಡಲೆ ಮತ್ತು ಬೇಳೆಯನ್ನು ಕಡಿಮೆ ಬೆಲೆಗೆ ನೀಡುತ್ತಿದೆ. ಈ ಉಪಕ್ರಮದೊಂದಿಗೆ, ಮಾರ್ಗ ಮತ್ತು ಮಸೂರ್ ದಾಲ್ ಅನ್ನು ರಿಯಾಯಿತಿ ದರದಲ್ಲಿ ಖರೀದಿಸಬಹುದು. ಭಾರತ್ ಉತ್ಪನ್ನಗಳನ್ನು ಸಹಕಾರ ಕೂ ಆಪರೇಟಿವ್ ರಿಟೇಲ್ ಮಳಿಗೆಗಳು ಹಾಗೂ ಇ-ಕಾಮರ್ಸ್ ಪ್ಲಾಟ್‌ಫಾರ್ಮ್ ಮೂಲಕ ಖರೀದಿಸ ಬಹುದಾಗಿದೆ.
